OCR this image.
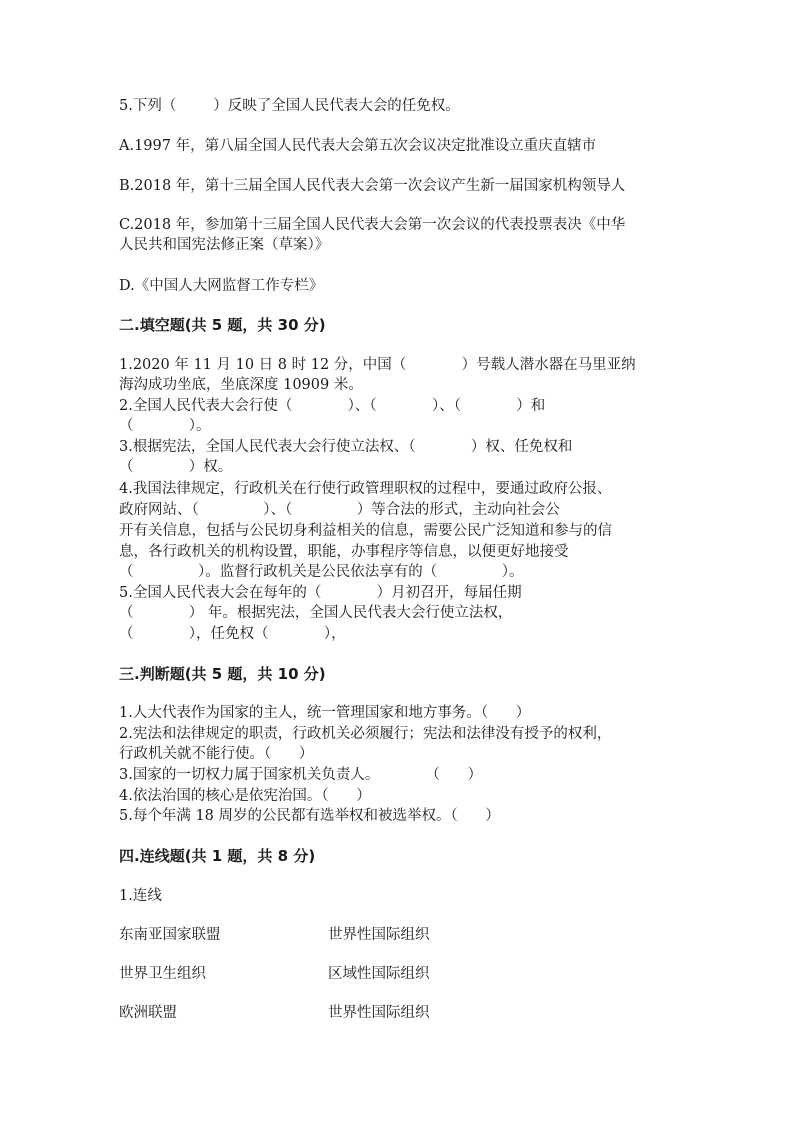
5.下列（        ）反映了全国人民代表大会的任免权。
A.1997 年，第八届全国人民代表大会第五次会议决定批准设立重庆直辖市
B.2018 年，第十三届全国人民代表大会第一次会议产生新一届国家机构领导人
C.2018 年，参加第十三届全国人民代表大会第一次会议的代表投票表决《中华
人民共和国宪法修正案（草案）》
D.《中国人大网监督工作专栏》
二.填空题(共 5 题，共 30 分)
1.2020 年 11 月 10 日 8 时 12 分，中国（            ）号载人潜水器在马里亚纳
海沟成功坐底，坐底深度 10909 米。
2.全国人民代表大会行使（            ）、（            ）、（            ）和
（            ）。
3.根据宪法，全国人民代表大会行使立法权、（            ）权、任免权和
（            ）权。
4.我国法律规定，行政机关在行使行政管理职权的过程中，要通过政府公报、
政府网站、（              ）、（              ）等合法的形式，主动向社会公
开有关信息，包括与公民切身利益相关的信息，需要公民广泛知道和参与的信
息，各行政机关的机构设置，职能，办事程序等信息，以便更好地接受
（              ）。监督行政机关是公民依法享有的（              ）。
5.全国人民代表大会在每年的（            ）月初召开，每届任期
（            ） 年。根据宪法，全国人民代表大会行使立法权，
（            ），任免权（            ），
三.判断题(共 5 题，共 10 分)
1.人大代表作为国家的主人，统一管理国家和地方事务。（      ）
2.宪法和法律规定的职责，行政机关必须履行；宪法和法律没有授予的权利，
行政机关就不能行使。（      ）
3.国家的一切权力属于国家机关负责人。          （      ）
4.依法治国的核心是依宪治国。（      ）
5.每个年满 18 周岁的公民都有选举权和被选举权。（      ）
四.连线题(共 1 题，共 8 分)
1.连线
东南亚国家联盟	世界性国际组织
世界卫生组织	区域性国际组织
欧洲联盟	世界性国际组织
